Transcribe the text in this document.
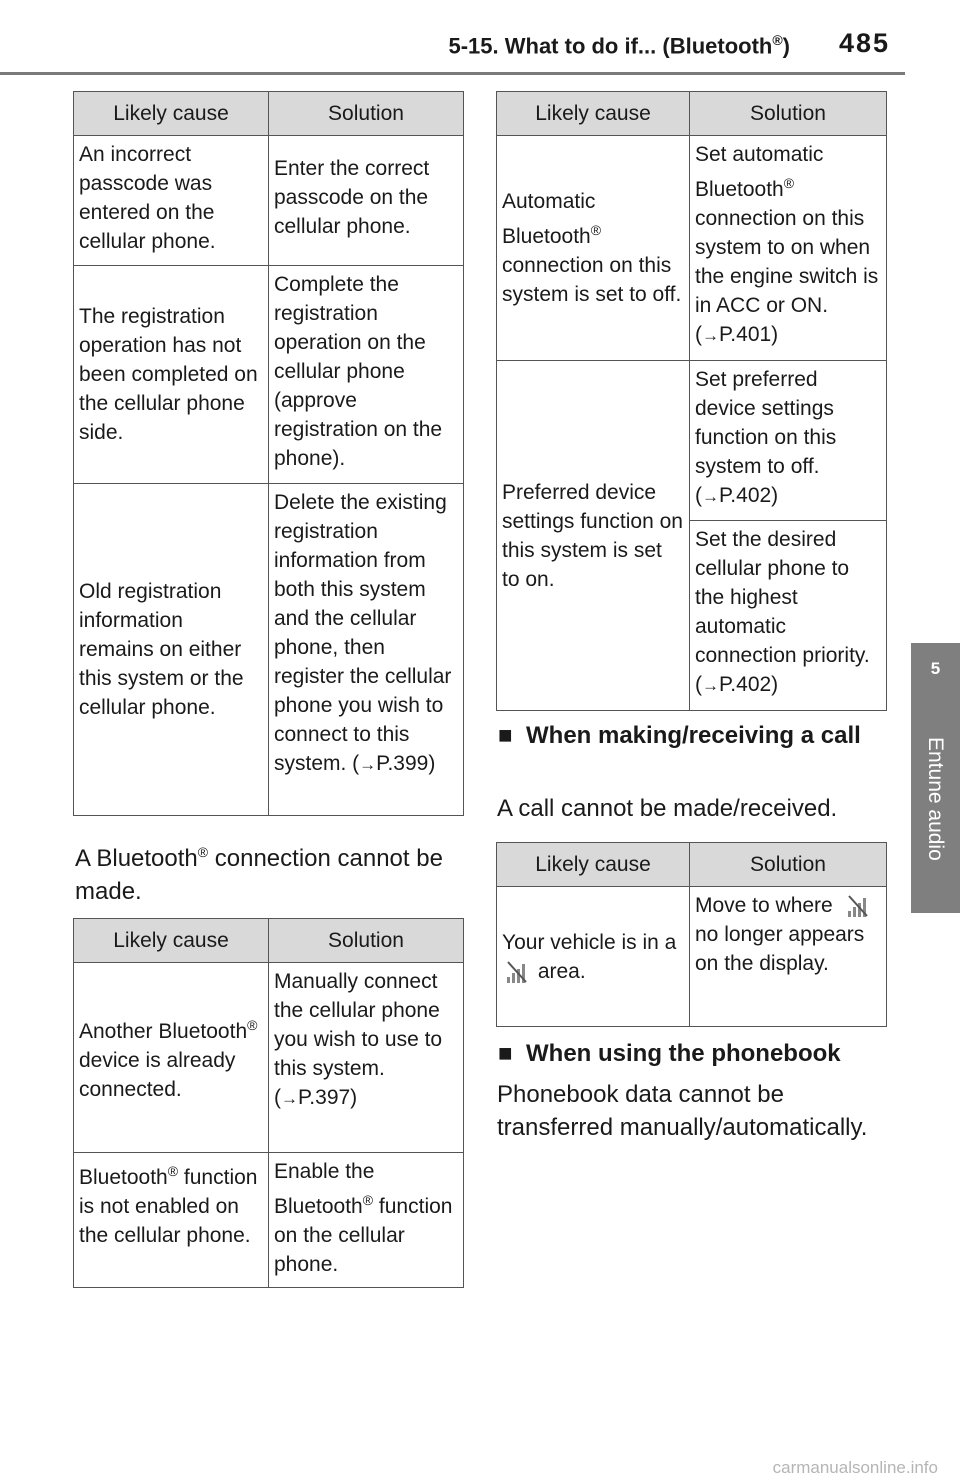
5-15. What to do if... (Bluetooth®) 485
5
Entune audio
Likely cause	Solution
An incorrect passcode was entered on the cellular phone.	Enter the correct passcode on the cellular phone.
The registration operation has not been completed on the cellular phone side.	Complete the registration operation on the cellular phone (approve registration on the phone).
Old registration information remains on either this system or the cellular phone.	Delete the existing registration information from both this system and the cellular phone, then register the cellular phone you wish to connect to this system. (→P.399)
A Bluetooth® connection cannot be made.
Likely cause	Solution
Another Bluetooth® device is already connected.	Manually connect the cellular phone you wish to use to this system. (→P.397)
Bluetooth® function is not enabled on the cellular phone.	Enable the Bluetooth® function on the cellular phone.
Likely cause	Solution
Automatic Bluetooth® connection on this system is set to off.	Set automatic Bluetooth® connection on this system to on when the engine switch is in ACC or ON. (→P.401)
Preferred device settings function on this system is set to on.	Set preferred device settings function on this system to off. (→P.402)
	Set the desired cellular phone to the highest automatic connection priority. (→P.402)
■ When making/receiving a call
A call cannot be made/received.
Likely cause	Solution
Your vehicle is in a  area.	Move to where  no longer appears on the display.
■ When using the phonebook
Phonebook data cannot be transferred manually/automatically.
carmanualsonline.info
